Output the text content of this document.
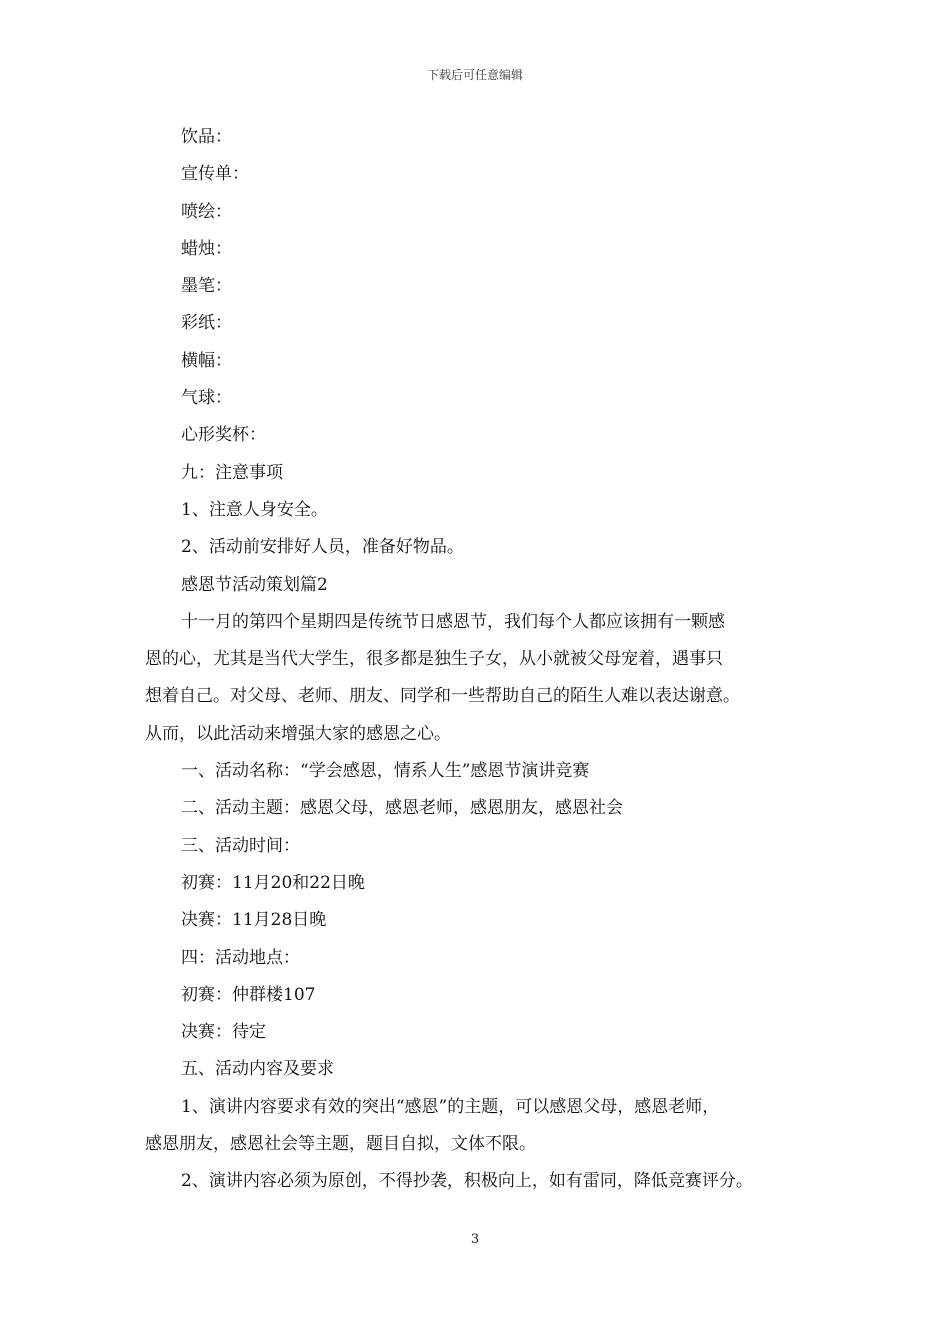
下载后可任意编辑
饮品：
宣传单：
喷绘：
蜡烛：
墨笔：
彩纸：
横幅：
气球：
心形奖杯：
九：注意事项
1、注意人身安全。
2、活动前安排好人员，准备好物品。
感恩节活动策划篇2
十一月的第四个星期四是传统节日感恩节，我们每个人都应该拥有一颗感
恩的心，尤其是当代大学生，很多都是独生子女，从小就被父母宠着，遇事只
想着自己。对父母、老师、朋友、同学和一些帮助自己的陌生人难以表达谢意。
从而，以此活动来增强大家的感恩之心。
一、活动名称：“学会感恩，情系人生”感恩节演讲竞赛
二、活动主题：感恩父母，感恩老师，感恩朋友，感恩社会
三、活动时间：
初赛：11月20和22日晚
决赛：11月28日晚
四：活动地点：
初赛：仲群楼107
决赛：待定
五、活动内容及要求
1、演讲内容要求有效的突出“感恩”的主题，可以感恩父母，感恩老师，
感恩朋友，感恩社会等主题，题目自拟，文体不限。
2、演讲内容必须为原创，不得抄袭，积极向上，如有雷同，降低竞赛评分。
3
